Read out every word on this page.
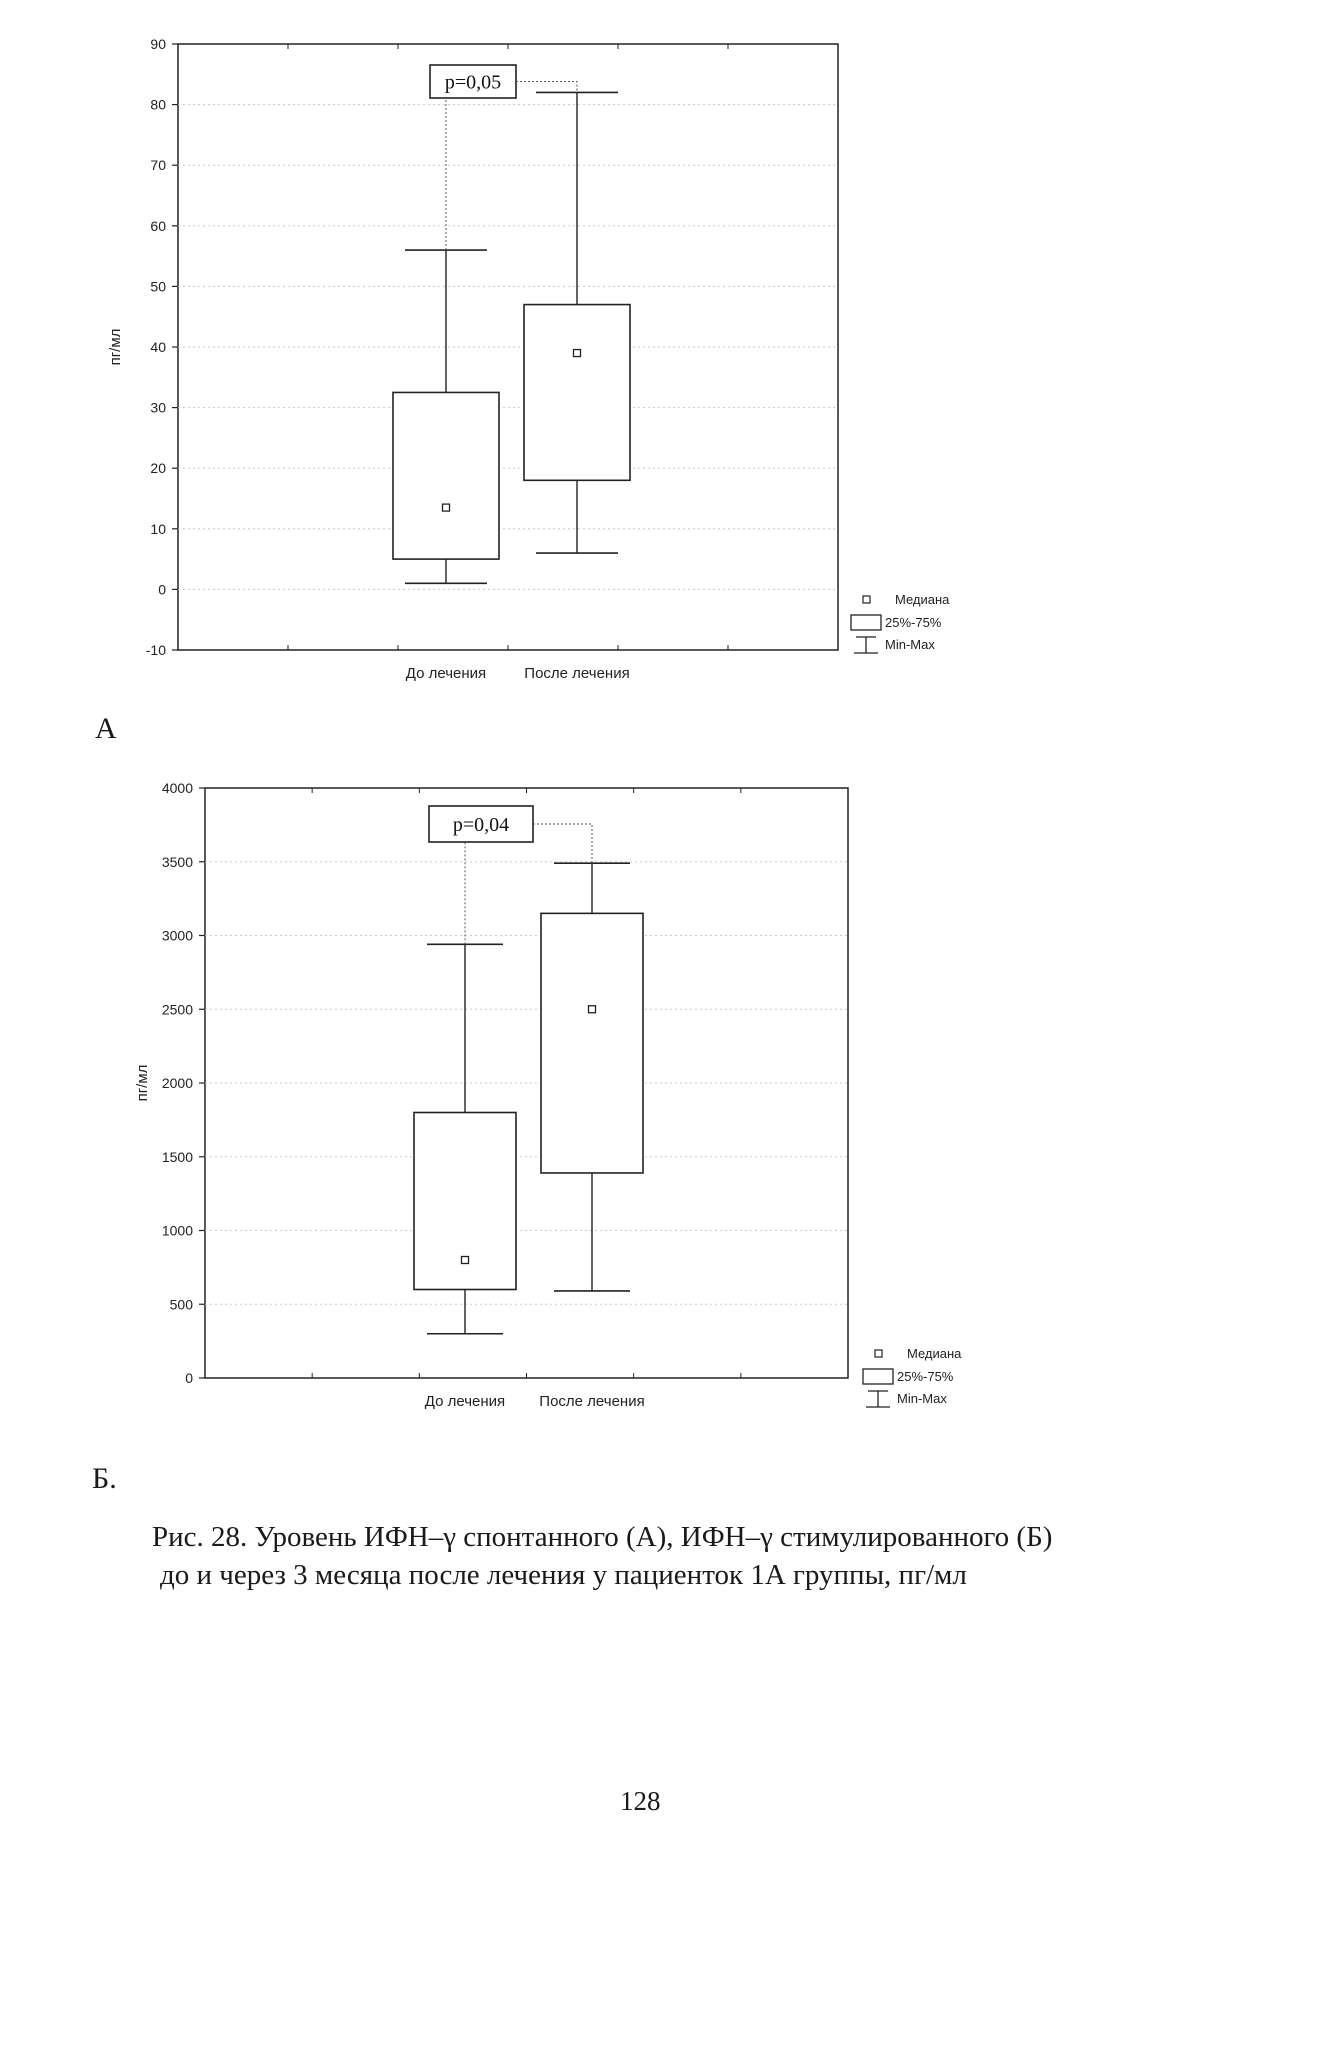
90
80
70
60
50
40
30
20
10
0
-10
пг/мл
До лечения	После лечения
p=0,05
Медиана
25%-75%
Min-Max
А
4000
3500
3000
2500
2000
1500
1000
500
0
пг/мл
До лечения После лечения
p=0,04
Медиана
25%-75%
Min-Max
Б.
Рис. 28. Уровень ИФН–γ спонтанного (А), ИФН–γ стимулированного (Б)
до и через 3 месяца после лечения у пациенток 1А группы, пг/мл
128
